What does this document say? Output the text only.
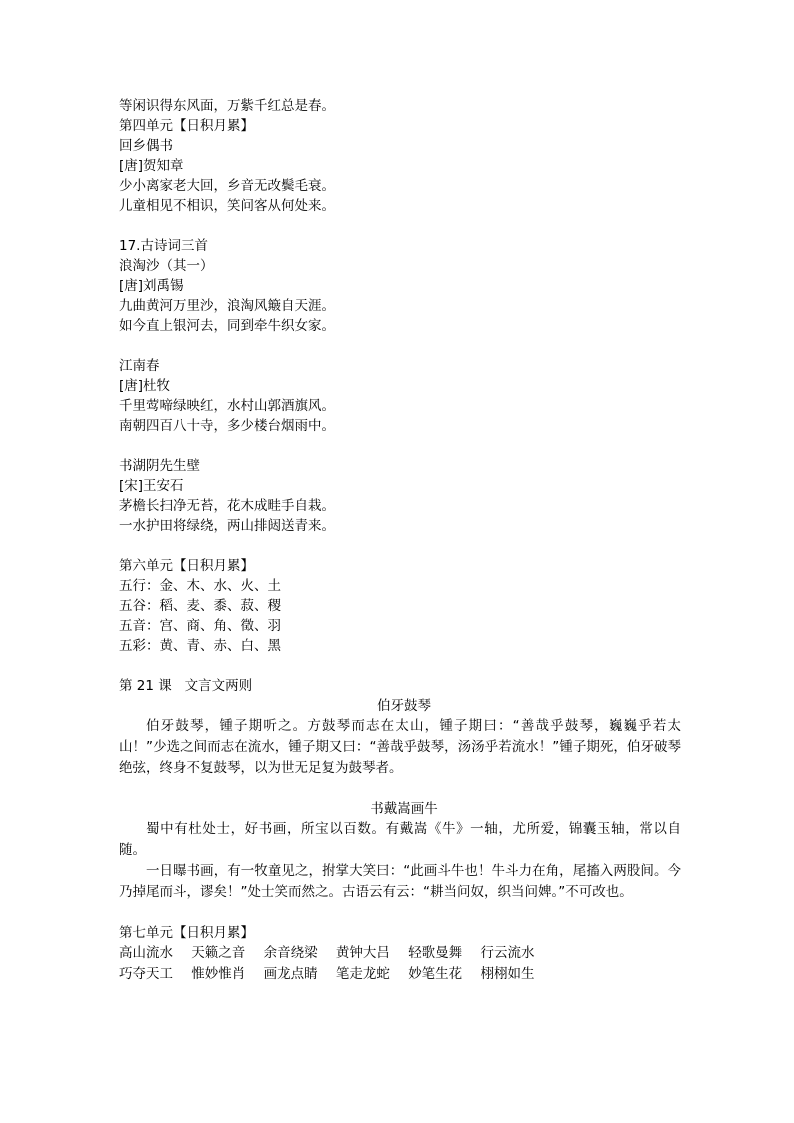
等闲识得东风面，万紫千红总是春。
第四单元【日积月累】
回乡偶书
[唐]贺知章
少小离家老大回，乡音无改鬓毛衰。
儿童相见不相识，笑问客从何处来。
17.古诗词三首
浪淘沙（其一）
[唐]刘禹锡
九曲黄河万里沙，浪淘风簸自天涯。
如今直上银河去，同到牵牛织女家。
江南春
[唐]杜牧
千里莺啼绿映红，水村山郭酒旗风。
南朝四百八十寺，多少楼台烟雨中。
书湖阴先生壁
[宋]王安石
茅檐长扫净无苔，花木成畦手自栽。
一水护田将绿绕，两山排闼送青来。
第六单元【日积月累】
五行：金、木、水、火、土
五谷：稻、麦、黍、菽、稷
五音：宫、商、角、徵、羽
五彩：黄、青、赤、白、黑
第 21 课   文言文两则
伯牙鼓琴

伯牙鼓琴，锺子期听之。方鼓琴而志在太山，锺子期曰：“善哉乎鼓琴，巍巍乎若太山！”少选之间而志在流水，锺子期又曰：“善哉乎鼓琴，汤汤乎若流水！”锺子期死，伯牙破琴绝弦，终身不复鼓琴，以为世无足复为鼓琴者。

书戴嵩画牛

蜀中有杜处士，好书画，所宝以百数。有戴嵩《牛》一轴，尤所爱，锦囊玉轴，常以自随。

一日曝书画，有一牧童见之，拊掌大笑曰：“此画斗牛也！牛斗力在角，尾搐入两股间。今乃掉尾而斗，谬矣！”处士笑而然之。古语云有云：“耕当问奴，织当问婢。”不可改也。

第七单元【日积月累】
高山流水 天籁之音 余音绕梁 黄钟大吕 轻歌曼舞 行云流水
巧夺天工 惟妙惟肖 画龙点睛 笔走龙蛇 妙笔生花 栩栩如生
